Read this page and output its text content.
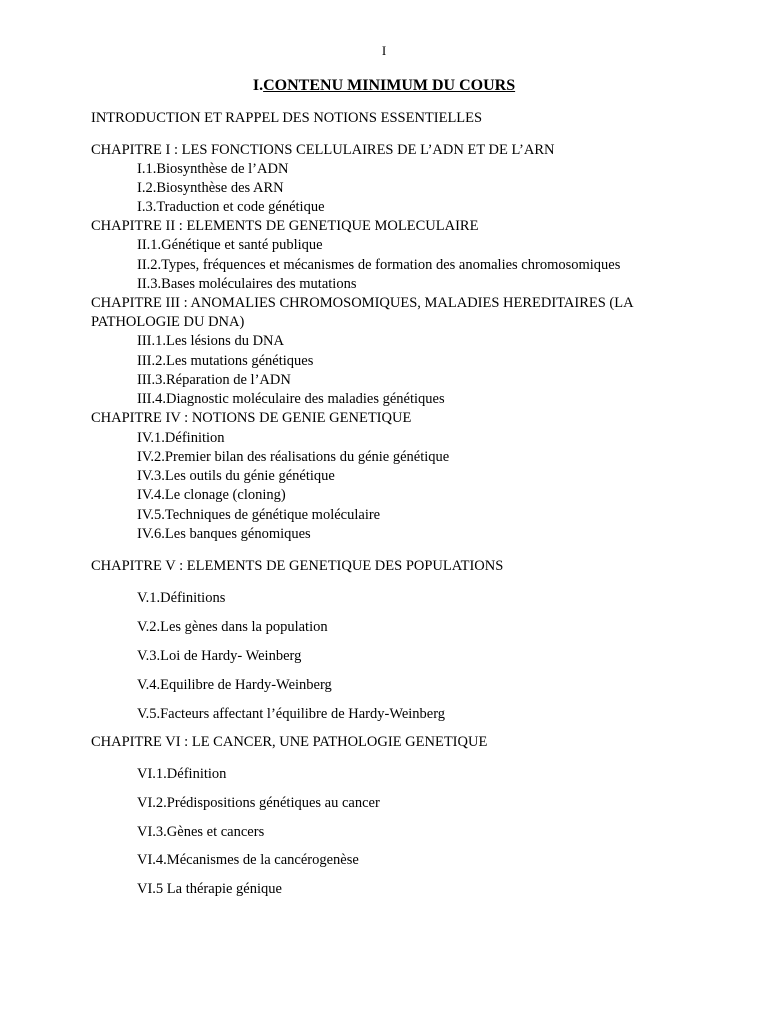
I
I.CONTENU MINIMUM DU COURS
INTRODUCTION ET RAPPEL DES NOTIONS ESSENTIELLES
CHAPITRE I : LES FONCTIONS CELLULAIRES DE L’ADN ET DE L’ARN
I.1.Biosynthèse de l’ADN
I.2.Biosynthèse des ARN
I.3.Traduction et code génétique
CHAPITRE II : ELEMENTS DE GENETIQUE MOLECULAIRE
II.1.Génétique et santé publique
II.2.Types, fréquences et mécanismes de formation des anomalies chromosomiques
II.3.Bases moléculaires des mutations
CHAPITRE III : ANOMALIES CHROMOSOMIQUES, MALADIES HEREDITAIRES (LA
PATHOLOGIE DU DNA)
III.1.Les lésions du DNA
III.2.Les mutations génétiques
III.3.Réparation de l’ADN
III.4.Diagnostic moléculaire des maladies génétiques
CHAPITRE IV : NOTIONS DE GENIE GENETIQUE
IV.1.Définition
IV.2.Premier bilan des réalisations du génie génétique
IV.3.Les outils du génie génétique
IV.4.Le clonage (cloning)
IV.5.Techniques de génétique moléculaire
IV.6.Les banques génomiques
CHAPITRE V : ELEMENTS DE GENETIQUE DES POPULATIONS
V.1.Définitions
V.2.Les gènes dans la population
V.3.Loi de Hardy- Weinberg
V.4.Equilibre de Hardy-Weinberg
V.5.Facteurs affectant l’équilibre de Hardy-Weinberg
CHAPITRE VI : LE CANCER, UNE PATHOLOGIE GENETIQUE
VI.1.Définition
VI.2.Prédispositions génétiques au cancer
VI.3.Gènes et cancers
VI.4.Mécanismes de la cancérogenèse
VI.5 La thérapie génique
